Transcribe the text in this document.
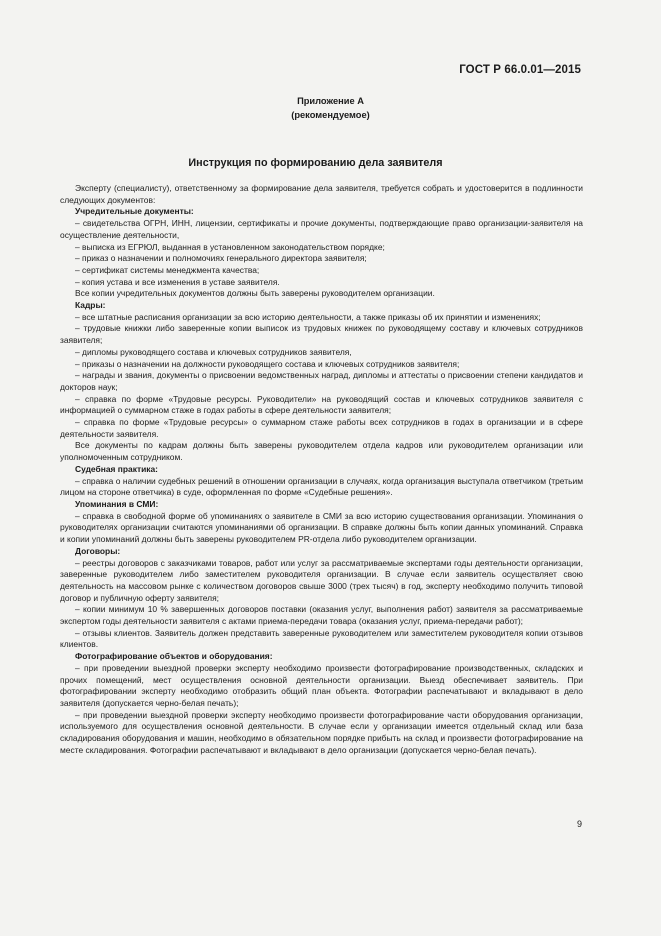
ГОСТ Р 66.0.01—2015
Приложение А
(рекомендуемое)
Инструкция по формированию дела заявителя

Эксперту (специалисту), ответственному за формирование дела заявителя, требуется собрать и удостоверится в подлинности следующих документов:

Учредительные документы:

– свидетельства ОГРН, ИНН, лицензии, сертификаты и прочие документы, подтверждающие право организации-заявителя на осуществление деятельности,

– выписка из ЕГРЮЛ, выданная в установленном законодательством порядке;

– приказ о назначении и полномочиях генерального директора заявителя;

– сертификат системы менеджмента качества;

– копия устава и все изменения в уставе заявителя.

Все копии учредительных документов должны быть заверены руководителем организации.

Кадры:

– все штатные расписания организации за всю историю деятельности, а также приказы об их принятии и изменениях;

– трудовые книжки либо заверенные копии выписок из трудовых книжек по руководящему составу и ключевых сотрудников заявителя;

– дипломы руководящего состава и ключевых сотрудников заявителя,

– приказы о назначении на должности руководящего состава и ключевых сотрудников заявителя;

– награды и звания, документы о присвоении ведомственных наград, дипломы и аттестаты о присвоении степени кандидатов и докторов наук;

– справка по форме «Трудовые ресурсы. Руководители» на руководящий состав и ключевых сотрудников заявителя с информацией о суммарном стаже в годах работы в сфере деятельности заявителя;

– справка по форме «Трудовые ресурсы» о суммарном стаже работы всех сотрудников в годах в организации и в сфере деятельности заявителя.

Все документы по кадрам должны быть заверены руководителем отдела кадров или руководителем организации или уполномоченным сотрудником.

Судебная практика:

– справка о наличии судебных решений в отношении организации в случаях, когда организация выступала ответчиком (третьим лицом на стороне ответчика) в суде, оформленная по форме «Судебные решения».

Упоминания в СМИ:

– справка в свободной форме об упоминаниях о заявителе в СМИ за всю историю существования организации. Упоминания о руководителях организации считаются упоминаниями об организации. В справке должны быть копии данных упоминаний. Справка и копии упоминаний должны быть заверены руководителем PR-отдела либо руководителем организации.

Договоры:

– реестры договоров с заказчиками товаров, работ или услуг за рассматриваемые экспертами годы деятельности организации, заверенные руководителем либо заместителем руководителя организации. В случае если заявитель осуществляет свою деятельность на массовом рынке с количеством договоров свыше 3000 (трех тысяч) в год, эксперту необходимо получить типовой договор и публичную оферту заявителя;

– копии минимум 10 % завершенных договоров поставки (оказания услуг, выполнения работ) заявителя за рассматриваемые экспертом годы деятельности заявителя с актами приема-передачи товара (оказания услуг, приема-передачи работ);

– отзывы клиентов. Заявитель должен представить заверенные руководителем или заместителем руководителя копии отзывов клиентов.

Фотографирование объектов и оборудования:

– при проведении выездной проверки эксперту необходимо произвести фотографирование производственных, складских и прочих помещений, мест осуществления основной деятельности организации. Выезд обеспечивает заявитель. При фотографировании эксперту необходимо отобразить общий план объекта. Фотографии распечатывают и вкладывают в дело заявителя (допускается черно-белая печать);

– при проведении выездной проверки эксперту необходимо произвести фотографирование части оборудования организации, используемого для осуществления основной деятельности. В случае если у организации имеется отдельный склад или база складирования оборудования и машин, необходимо в обязательном порядке прибыть на склад и произвести фотографирование на месте складирования. Фотографии распечатывают и вкладывают в дело организации (допускается черно-белая печать).

9
